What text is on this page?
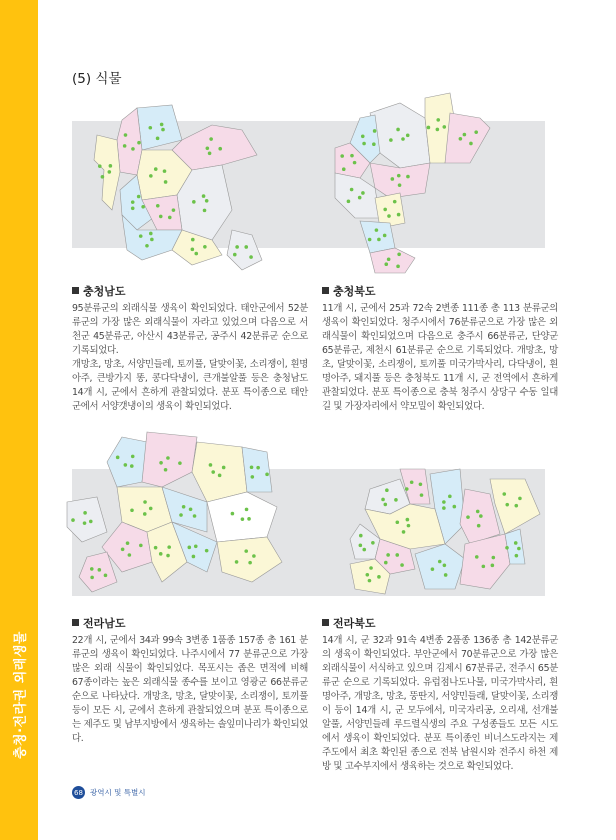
충청·전라권 외래생물
(5) 식물
충청남도

95분류군의 외래식물 생육이 확인되었다. 태안군에서 52분류군의 가장 많은 외래식물이 자라고 있었으며 다음으로 서천군 45분류군, 아산시 43분류군, 공주시 42분류군 순으로 기록되었다.

개망초, 망초, 서양민들레, 토끼풀, 달맞이꽃, 소리쟁이, 흰명아주, 큰방가지 똥, 콩다닥냉이, 큰개불알풀 등은 충청남도 14개 시, 군에서 흔하게 관찰되었다. 분포 특이종으로 태안군에서 서양갯냉이의 생육이 확인되었다.

충청북도

11개 시, 군에서 25과 72속 2변종 111종 총 113 분류군의 생육이 확인되었다. 청주시에서 76분류군으로 가장 많은 외래식물이 확인되었으며 다음으로 충주시 66분류군, 단양군 65분류군, 제천시 61분류군 순으로 기록되었다. 개망초, 망초, 달맞이꽃, 소리쟁이, 토끼풀 미국가막사리, 다닥냉이, 흰명아주, 돼지풀 등은 충청북도 11개 시, 군 전역에서 흔하게 관찰되었다. 분포 특이종으로 충북 청주시 상당구 수동 일대 길 및 가장자리에서 약모밀이 확인되었다.

전라남도

22개 시, 군에서 34과 99속 3변종 1품종 157종 총 161 분류군의 생육이 확인되었다. 나주시에서 77 분류군으로 가장 많은 외래 식물이 확인되었다. 목포시는 좁은 면적에 비해 67종이라는 높은 외래식물 종수를 보이고 영광군 66분류군 순으로 나타났다. 개망초, 망초, 달맞이꽃, 소리쟁이, 토끼풀 등이 모든 시, 군에서 흔하게 관찰되었으며 분포 특이종으로는 제주도 및 남부지방에서 생육하는 솔잎미나리가 확인되었다.

전라북도

14개 시, 군 32과 91속 4변종 2품종 136종 총 142분류군의 생육이 확인되었다. 부안군에서 70분류군으로 가장 많은 외래식물이 서식하고 있으며 김제시 67분류군, 전주시 65분류군 순으로 기록되었다. 유럽점나도나물, 미국가막사리, 흰명아주, 개망초, 망초, 뚱딴지, 서양민들래, 달맞이꽃, 소리쟁이 등이 14개 시, 군 모두에서, 미국자리공, 오리새, 선개불알풀, 서양민들레 루드렬식생의 주요 구성종들도 모든 시도에서 생육이 확인되었다. 분포 특이종인 비너스도라지는 제주도에서 최초 확인된 종으로 전북 남원시와 전주시 하천 제방 및 고수부지에서 생육하는 것으로 확인되었다.

68 광역시 및 특별시
